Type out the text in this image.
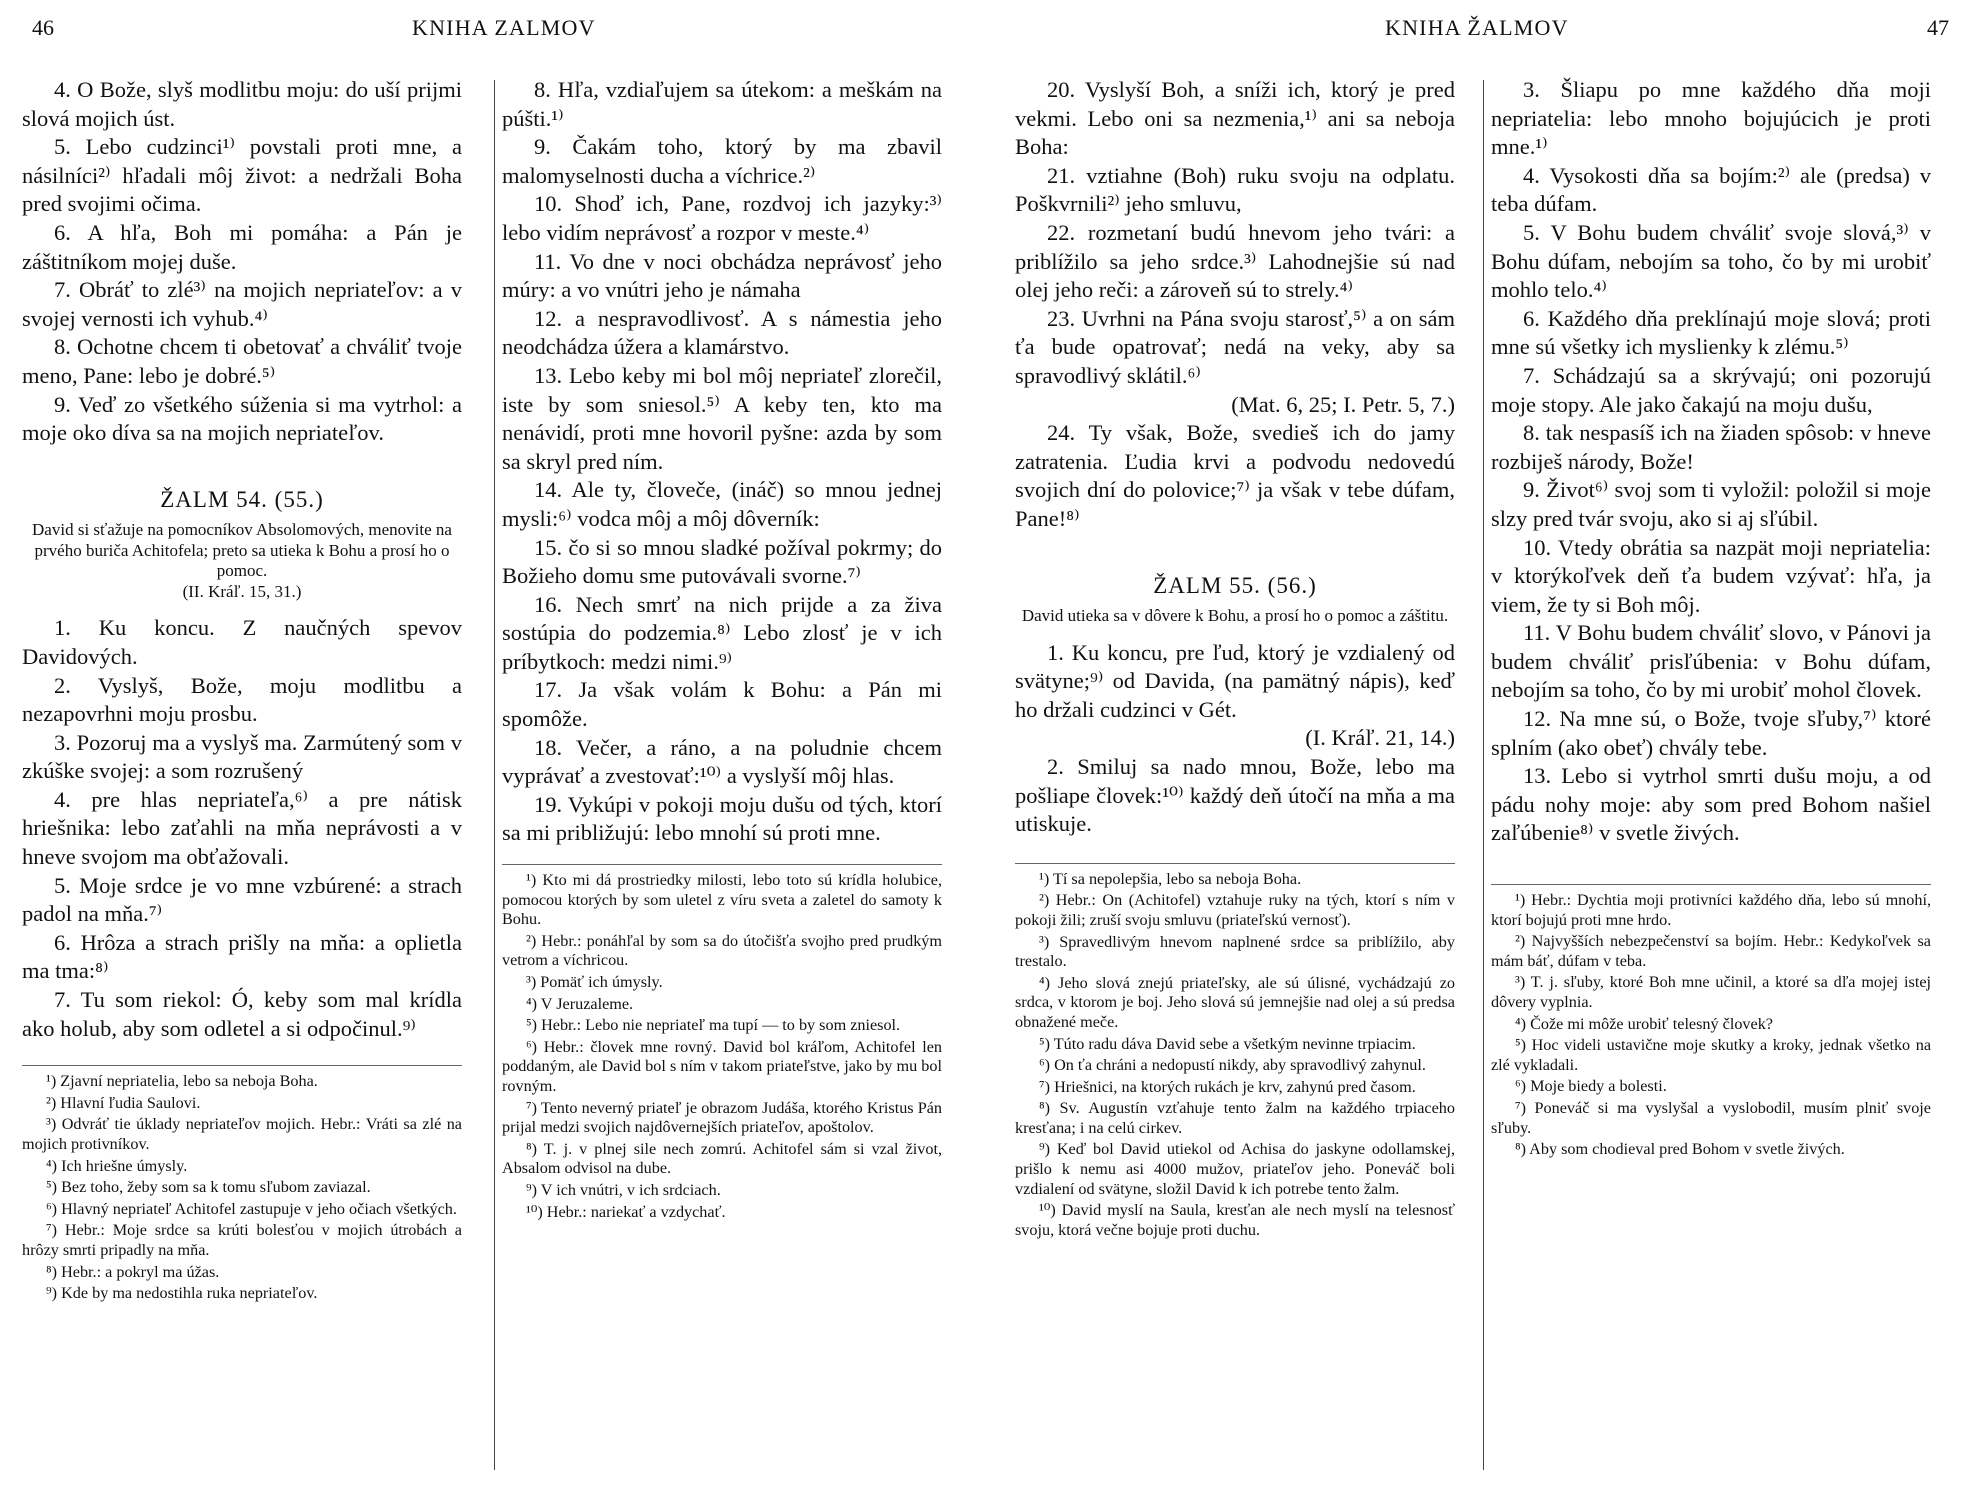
46	KNIHA ZALMOV

4. O Bože, slyš modlitbu moju: do uší prijmi slová mojich úst.

5. Lebo cudzinci¹⁾ povstali proti mne, a násilníci²⁾ hľadali môj život: a nedržali Boha pred svojimi očima.

6. A hľa, Boh mi pomáha: a Pán je záštitníkom mojej duše.

7. Obráť to zlé³⁾ na mojich nepriateľov: a v svojej vernosti ich vyhub.⁴⁾

8. Ochotne chcem ti obetovať a chváliť tvoje meno, Pane: lebo je dobré.⁵⁾

9. Veď zo všetkého súženia si ma vytrhol: a moje oko díva sa na mojich nepriateľov.

ŽALM 54. (55.)
David si sťažuje na pomocníkov Absolomových, menovite na prvého buriča Achitofela; preto sa utieka k Bohu a prosí ho o pomoc.
(II. Kráľ. 15, 31.)

1. Ku koncu. Z naučných spevov Davidových.

2. Vyslyš, Bože, moju modlitbu a nezapovrhni moju prosbu.

3. Pozoruj ma a vyslyš ma. Zarmútený som v zkúške svojej: a som rozrušený

4. pre hlas nepriateľa,⁶⁾ a pre nátisk hriešnika: lebo zaťahli na mňa neprávosti a v hneve svojom ma obťažovali.

5. Moje srdce je vo mne vzbúrené: a strach padol na mňa.⁷⁾

6. Hrôza a strach prišly na mňa: a oplietla ma tma:⁸⁾

7. Tu som riekol: Ó, keby som mal krídla ako holub, aby som odletel a si odpočinul.⁹⁾

¹) Zjavní nepriatelia, lebo sa neboja Boha.

²) Hlavní ľudia Saulovi.

³) Odvráť tie úklady nepriateľov mojich. Hebr.: Vráti sa zlé na mojich protivníkov.

⁴) Ich hriešne úmysly.

⁵) Bez toho, žeby som sa k tomu sľubom zaviazal.

⁶) Hlavný nepriateľ Achitofel zastupuje v jeho očiach všetkých.

⁷) Hebr.: Moje srdce sa krúti bolesťou v mojich útrobách a hrôzy smrti pripadly na mňa.

⁸) Hebr.: a pokryl ma úžas.

⁹) Kde by ma nedostihla ruka nepriateľov.

8. Hľa, vzdiaľujem sa útekom: a meškám na púšti.¹⁾

9. Čakám toho, ktorý by ma zbavil malomyselnosti ducha a víchrice.²⁾

10. Shoď ich, Pane, rozdvoj ich jazyky:³⁾ lebo vidím neprávosť a rozpor v meste.⁴⁾

11. Vo dne v noci obchádza neprávosť jeho múry: a vo vnútri jeho je námaha

12. a nespravodlivosť. A s námestia jeho neodchádza úžera a klamárstvo.

13. Lebo keby mi bol môj nepriateľ zlorečil, iste by som sniesol.⁵⁾ A keby ten, kto ma nenávidí, proti mne hovoril pyšne: azda by som sa skryl pred ním.

14. Ale ty, človeče, (ináč) so mnou jednej mysli:⁶⁾ vodca môj a môj dôverník:

15. čo si so mnou sladké požíval pokrmy; do Božieho domu sme putovávali svorne.⁷⁾

16. Nech smrť na nich prijde a za živa sostúpia do podzemia.⁸⁾ Lebo zlosť je v ich príbytkoch: medzi nimi.⁹⁾

17. Ja však volám k Bohu: a Pán mi spomôže.

18. Večer, a ráno, a na poludnie chcem vyprávať a zvestovať:¹⁰⁾ a vyslyší môj hlas.

19. Vykúpi v pokoji moju dušu od tých, ktorí sa mi približujú: lebo mnohí sú proti mne.

¹) Kto mi dá prostriedky milosti, lebo toto sú krídla holubice, pomocou ktorých by som uletel z víru sveta a zaletel do samoty k Bohu.

²) Hebr.: ponáhľal by som sa do útočišťa svojho pred prudkým vetrom a víchricou.

³) Pomäť ich úmysly.

⁴) V Jeruzaleme.

⁵) Hebr.: Lebo nie nepriateľ ma tupí — to by som zniesol.

⁶) Hebr.: človek mne rovný. David bol kráľom, Achitofel len poddaným, ale David bol s ním v takom priateľstve, jako by mu bol rovným.

⁷) Tento neverný priateľ je obrazom Judáša, ktorého Kristus Pán prijal medzi svojich najdôvernejších priateľov, apoštolov.

⁸) T. j. v plnej sile nech zomrú. Achitofel sám si vzal život, Absalom odvisol na dube.

⁹) V ich vnútri, v ich srdciach.

¹⁰) Hebr.: nariekať a vzdychať.

KNIHA ŽALMOV	47

20. Vyslyší Boh, a sníži ich, ktorý je pred vekmi. Lebo oni sa nezmenia,¹⁾ ani sa neboja Boha:

21. vztiahne (Boh) ruku svoju na odplatu. Poškvrnili²⁾ jeho smluvu,

22. rozmetaní budú hnevom jeho tvári: a priblížilo sa jeho srdce.³⁾ Lahodnejšie sú nad olej jeho reči: a zároveň sú to strely.⁴⁾

23. Uvrhni na Pána svoju starosť,⁵⁾ a on sám ťa bude opatrovať; nedá na veky, aby sa spravodlivý sklátil.⁶⁾

(Mat. 6, 25; I. Petr. 5, 7.)

24. Ty však, Bože, svedieš ich do jamy zatratenia. Ľudia krvi a podvodu nedovedú svojich dní do polovice;⁷⁾ ja však v tebe dúfam, Pane!⁸⁾

ŽALM 55. (56.)
David utieka sa v dôvere k Bohu, a prosí ho o pomoc a záštitu.

1. Ku koncu, pre ľud, ktorý je vzdialený od svätyne;⁹⁾ od Davida, (na pamätný nápis), keď ho držali cudzinci v Gét.

(I. Kráľ. 21, 14.)

2. Smiluj sa nado mnou, Bože, lebo ma pošliape človek:¹⁰⁾ každý deň útočí na mňa a ma utiskuje.

¹) Tí sa nepolepšia, lebo sa neboja Boha.

²) Hebr.: On (Achitofel) vztahuje ruky na tých, ktorí s ním v pokoji žili; zruší svoju smluvu (priateľskú vernosť).

³) Spravedlivým hnevom naplnené srdce sa priblížilo, aby trestalo.

⁴) Jeho slová znejú priateľsky, ale sú úlisné, vychádzajú zo srdca, v ktorom je boj. Jeho slová sú jemnejšie nad olej a sú predsa obnažené meče.

⁵) Túto radu dáva David sebe a všetkým nevinne trpiacim.

⁶) On ťa chráni a nedopustí nikdy, aby spravodlivý zahynul.

⁷) Hriešnici, na ktorých rukách je krv, zahynú pred časom.

⁸) Sv. Augustín vzťahuje tento žalm na každého trpiaceho kresťana; i na celú cirkev.

⁹) Keď bol David utiekol od Achisa do jaskyne odollamskej, prišlo k nemu asi 4000 mužov, priateľov jeho. Poneváč boli vzdialení od svätyne, složil David k ich potrebe tento žalm.

¹⁰) David myslí na Saula, kresťan ale nech myslí na telesnosť svoju, ktorá večne bojuje proti duchu.

3. Šliapu po mne každého dňa moji nepriatelia: lebo mnoho bojujúcich je proti mne.¹⁾

4. Vysokosti dňa sa bojím:²⁾ ale (predsa) v teba dúfam.

5. V Bohu budem chváliť svoje slová,³⁾ v Bohu dúfam, nebojím sa toho, čo by mi urobiť mohlo telo.⁴⁾

6. Každého dňa preklínajú moje slová; proti mne sú všetky ich myslienky k zlému.⁵⁾

7. Schádzajú sa a skrývajú; oni pozorujú moje stopy. Ale jako čakajú na moju dušu,

8. tak nespasíš ich na žiaden spôsob: v hneve rozbiješ národy, Bože!

9. Život⁶⁾ svoj som ti vyložil: položil si moje slzy pred tvár svoju, ako si aj sľúbil.

10. Vtedy obrátia sa nazpät moji nepriatelia: v ktorýkoľvek deň ťa budem vzývať: hľa, ja viem, že ty si Boh môj.

11. V Bohu budem chváliť slovo, v Pánovi ja budem chváliť prisľúbenia: v Bohu dúfam, nebojím sa toho, čo by mi urobiť mohol človek.

12. Na mne sú, o Bože, tvoje sľuby,⁷⁾ ktoré splním (ako obeť) chvály tebe.

13. Lebo si vytrhol smrti dušu moju, a od pádu nohy moje: aby som pred Bohom našiel zaľúbenie⁸⁾ v svetle živých.

¹) Hebr.: Dychtia moji protivníci každého dňa, lebo sú mnohí, ktorí bojujú proti mne hrdo.

²) Najvyšších nebezpečenství sa bojím. Hebr.: Kedykoľvek sa mám báť, dúfam v teba.

³) T. j. sľuby, ktoré Boh mne učinil, a ktoré sa dľa mojej istej dôvery vyplnia.

⁴) Čože mi môže urobiť telesný človek?

⁵) Hoc videli ustavične moje skutky a kroky, jednak všetko na zlé vykladali.

⁶) Moje biedy a bolesti.

⁷) Poneváč si ma vyslyšal a vyslobodil, musím plniť svoje sľuby.

⁸) Aby som chodieval pred Bohom v svetle živých.
